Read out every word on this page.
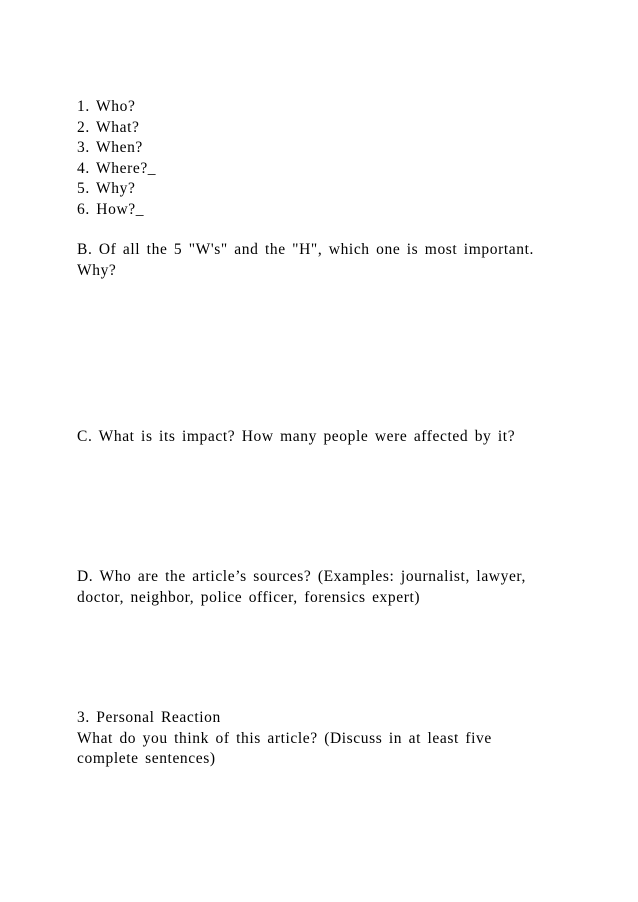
1. Who?
2. What?
3. When?
4. Where?_
5. Why?
6. How?_
B. Of all the 5 "W's" and the "H", which one is most important.
Why?
C. What is its impact? How many people were affected by it?
D. Who are the article’s sources? (Examples: journalist, lawyer,
doctor, neighbor, police officer, forensics expert)
3. Personal Reaction
What do you think of this article? (Discuss in at least five
complete sentences)
